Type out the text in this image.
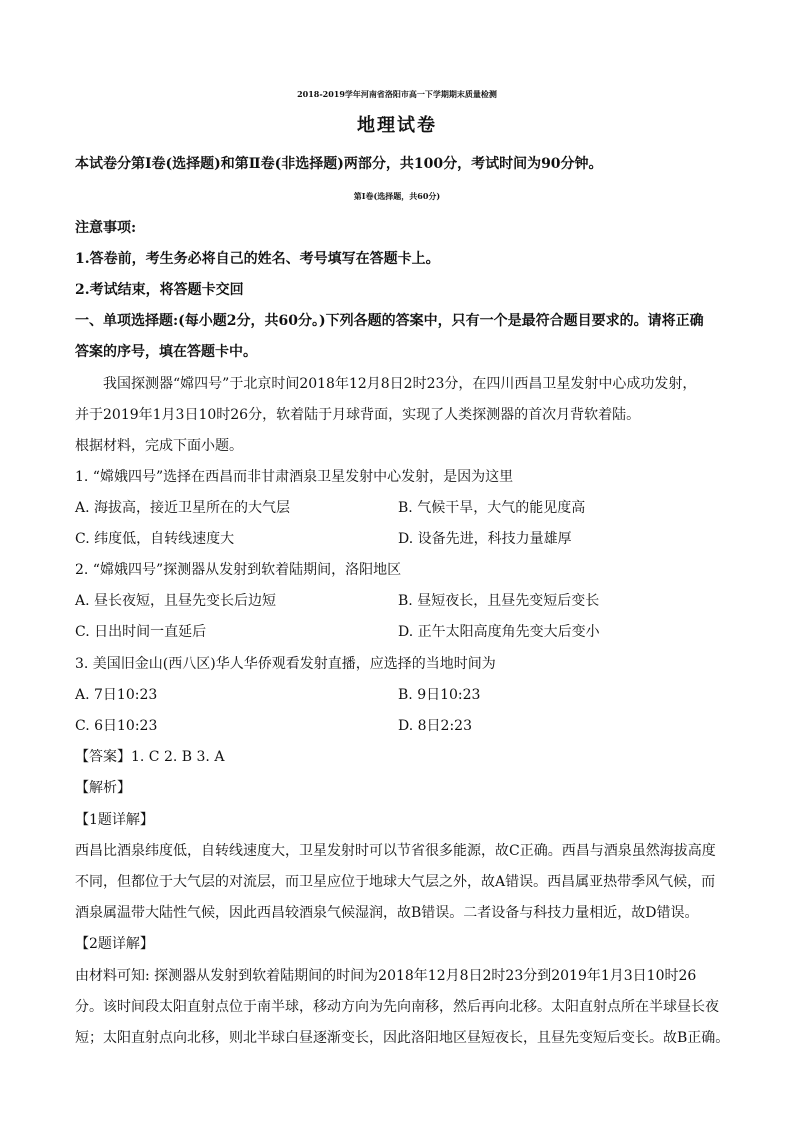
2018-2019学年河南省洛阳市高一下学期期末质量检测
地理试卷
本试卷分第Ⅰ卷(选择题)和第Ⅱ卷(非选择题)两部分，共100分，考试时间为90分钟。
第Ⅰ卷(选择题，共60分)
注意事项:
1.答卷前，考生务必将自己的姓名、考号填写在答题卡上。
2.考试结束，将答题卡交回
一、单项选择题:(每小题2分，共60分。)下列各题的答案中，只有一个是最符合题目要求的。请将正确
答案的序号，填在答题卡中。
我国探测器“嫦四号”于北京时间2018年12月8日2时23分，在四川西昌卫星发射中心成功发射，
并于2019年1月3日10时26分，软着陆于月球背面，实现了人类探测器的首次月背软着陆。
根据材料，完成下面小题。
1. “嫦娥四号”选择在西昌而非甘肃酒泉卫星发射中心发射，是因为这里
A. 海拔高，接近卫星所在的大气层	B. 气候干旱，大气的能见度高
C. 纬度低，自转线速度大	D. 设备先进，科技力量雄厚
2. “嫦娥四号”探测器从发射到软着陆期间，洛阳地区
A. 昼长夜短，且昼先变长后边短	B. 昼短夜长，且昼先变短后变长
C. 日出时间一直延后	D. 正午太阳高度角先变大后变小
3. 美国旧金山(西八区)华人华侨观看发射直播，应选择的当地时间为
A. 7日10:23	B. 9日10:23
C. 6日10:23	D. 8日2:23
【答案】1. C 2. B 3. A
【解析】
【1题详解】
西昌比酒泉纬度低，自转线速度大，卫星发射时可以节省很多能源，故C正确。西昌与酒泉虽然海拔高度
不同，但都位于大气层的对流层，而卫星应位于地球大气层之外，故A错误。西昌属亚热带季风气候，而
酒泉属温带大陆性气候，因此西昌较酒泉气候湿润，故B错误。二者设备与科技力量相近，故D错误。
【2题详解】
由材料可知: 探测器从发射到软着陆期间的时间为2018年12月8日2时23分到2019年1月3日10时26
分。该时间段太阳直射点位于南半球，移动方向为先向南移，然后再向北移。太阳直射点所在半球昼长夜
短；太阳直射点向北移，则北半球白昼逐渐变长，因此洛阳地区昼短夜长，且昼先变短后变长。故B正确。
